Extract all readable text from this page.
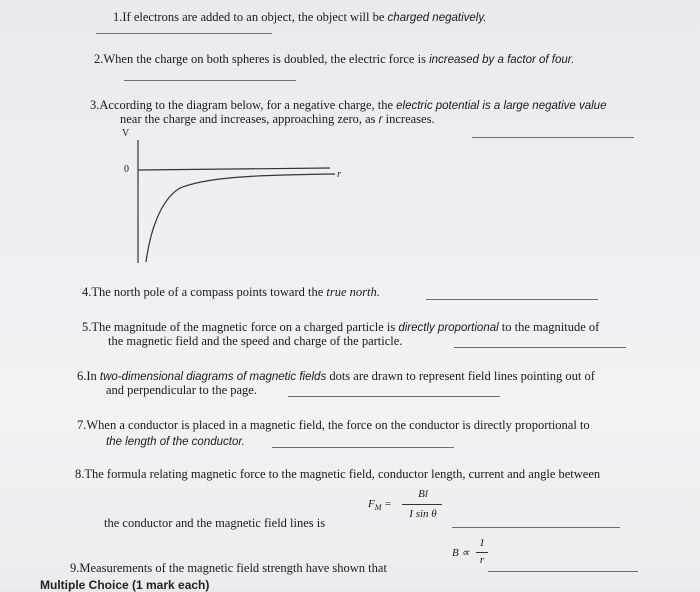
1.If electrons are added to an object, the object will be charged negatively.
2.When the charge on both spheres is doubled, the electric force is increased by a factor of four.
3.According to the diagram below, for a negative charge, the electric potential is a large negative value
near the charge and increases, approaching zero, as r increases.
V
0	r
4.The north pole of a compass points toward the true north.
5.The magnitude of the magnetic force on a charged particle is directly proportional to the magnitude of
the magnetic field and the speed and charge of the particle.
6.In two-dimensional diagrams of magnetic fields dots are drawn to represent field lines pointing out of
and perpendicular to the page.
7.When a conductor is placed in a magnetic field, the force on the conductor is directly proportional to
the length of the conductor.
8.The formula relating magnetic force to the magnetic field, conductor length, current and angle between
the conductor and the magnetic field lines is
$F_M$ =
Bl
I sin θ
9.Measurements of the magnetic field strength have shown that
B ∝
1
r
Multiple Choice (1 mark each)
